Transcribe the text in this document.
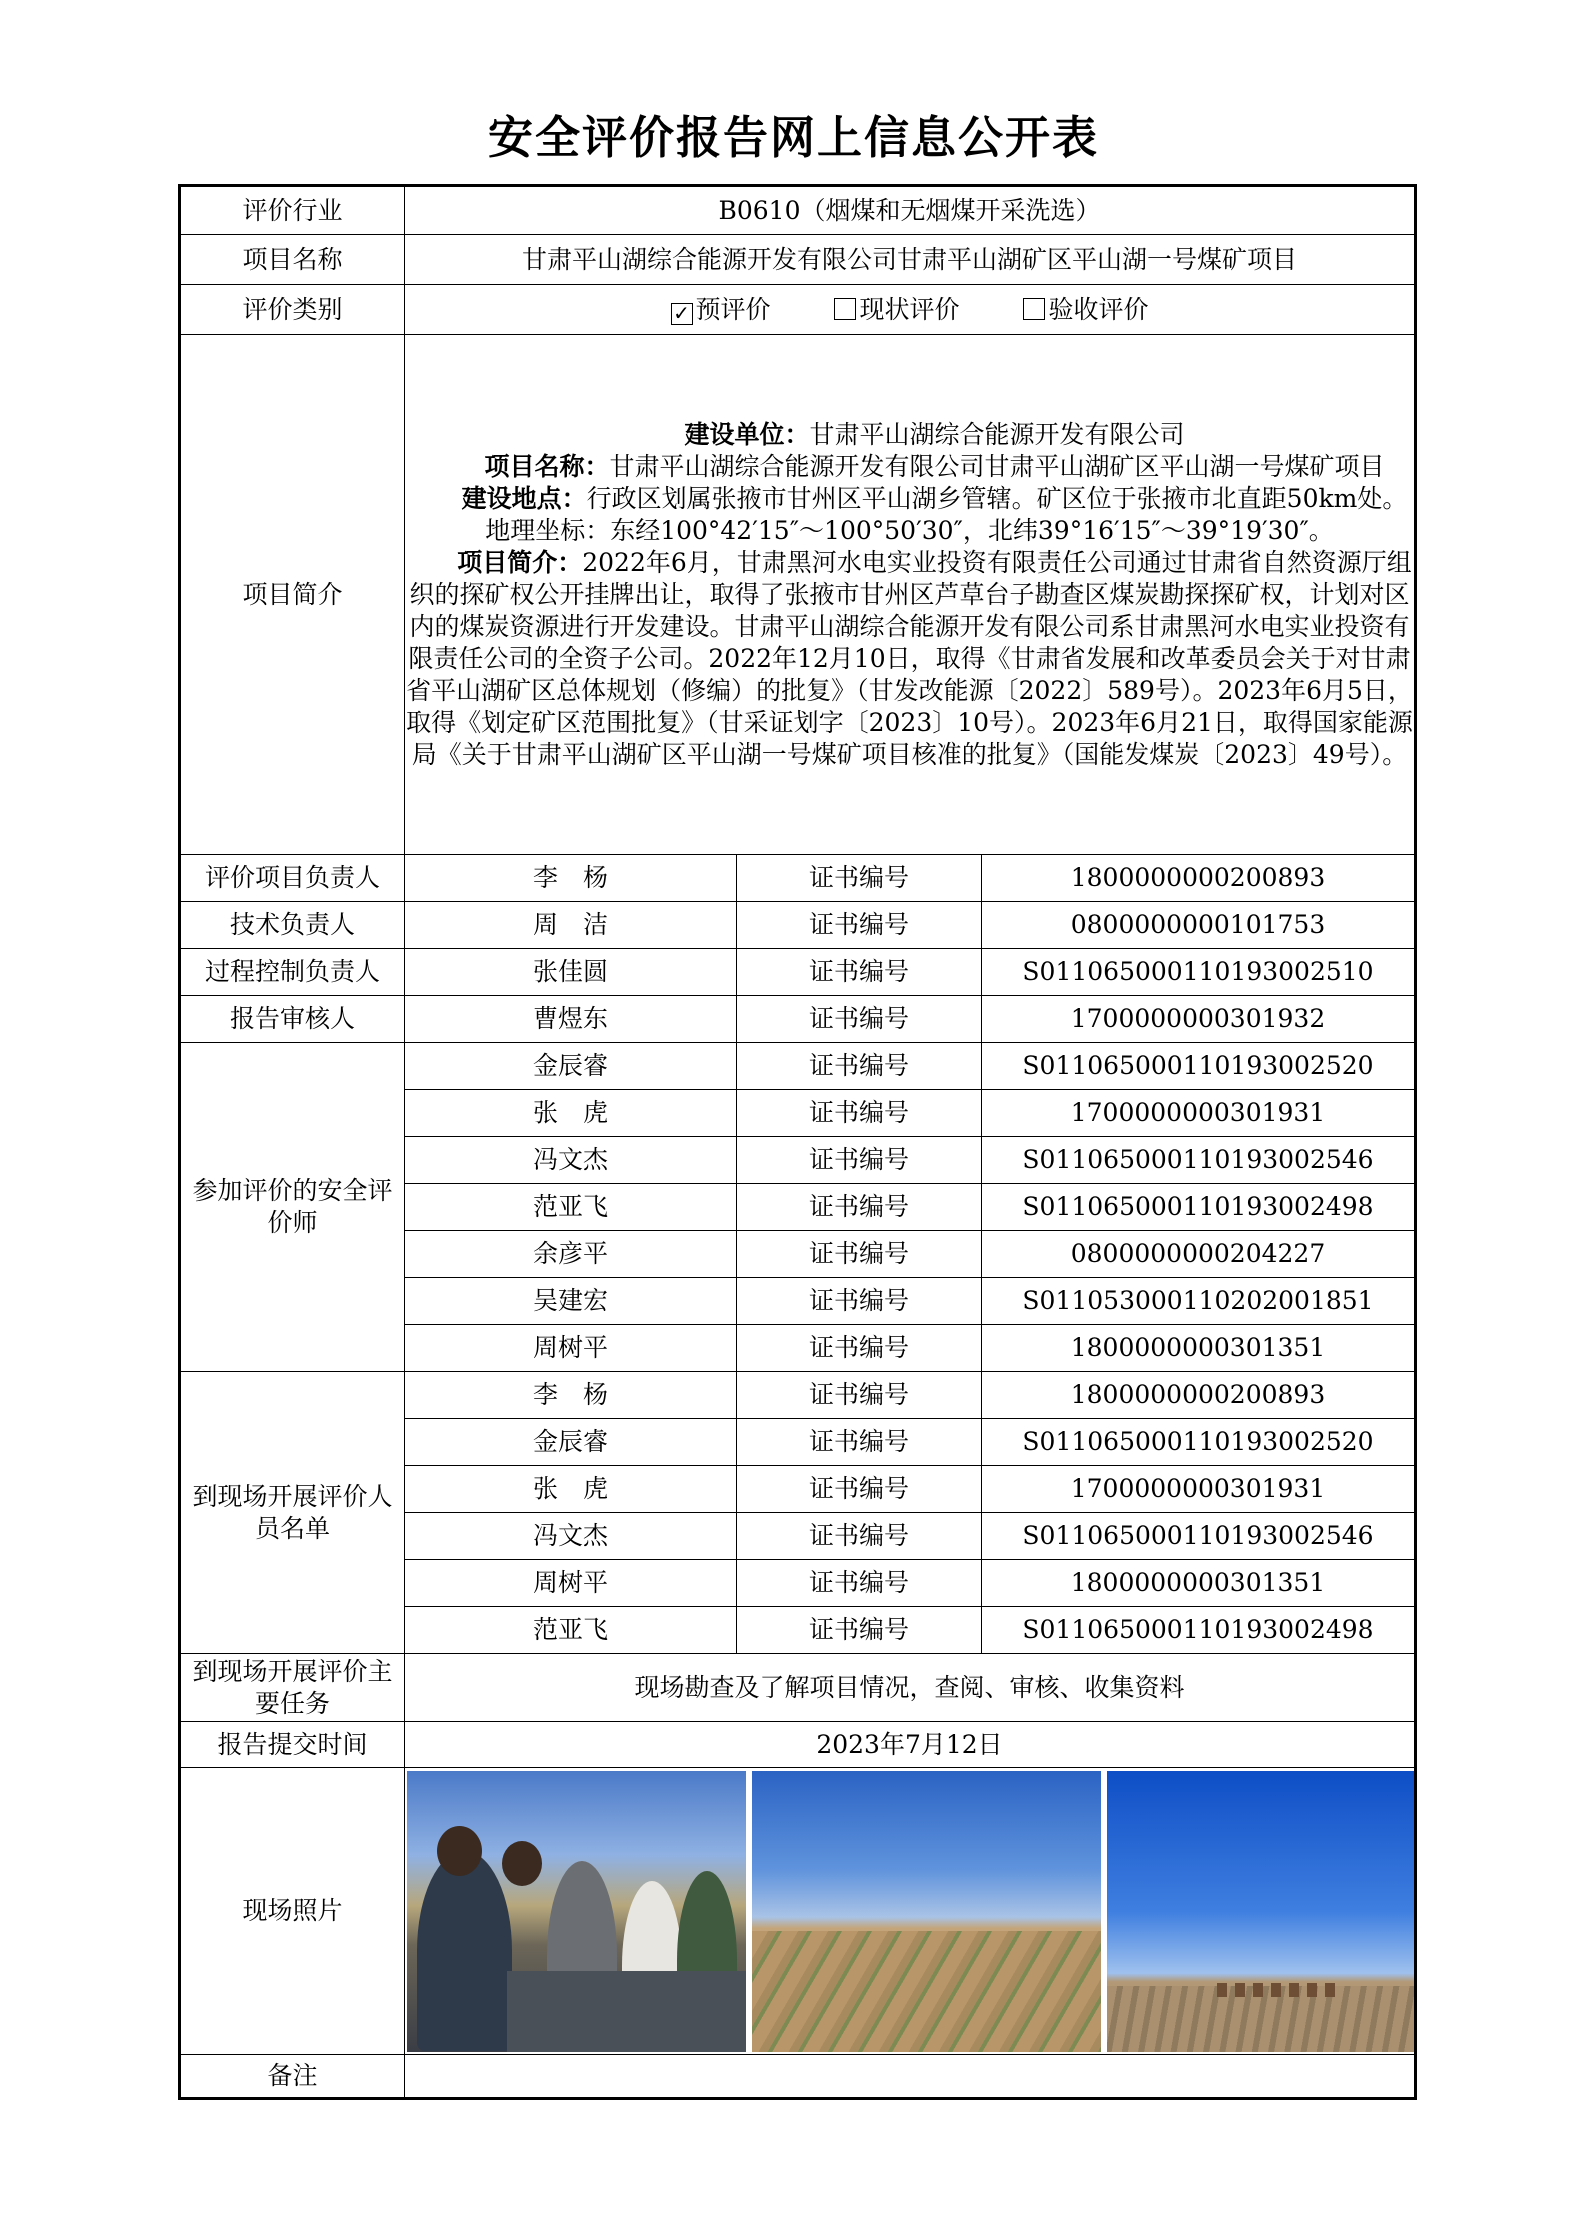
安全评价报告网上信息公开表
评价行业	B0610（烟煤和无烟煤开采洗选）		
项目名称	甘肃平山湖综合能源开发有限公司甘肃平山湖矿区平山湖一号煤矿项目		
评价类别	✓ 预评价 现状评价 验收评价		
项目简介	建设单位：甘肃平山湖综合能源开发有限公司

项目名称：甘肃平山湖综合能源开发有限公司甘肃平山湖矿区平山湖一号煤矿项目

建设地点：行政区划属张掖市甘州区平山湖乡管辖。矿区位于张掖市北直距50km处。地理坐标：东经100°42′15″～100°50′30″，北纬39°16′15″～39°19′30″。

项目简介：2022年6月，甘肃黑河水电实业投资有限责任公司通过甘肃省自然资源厅组织的探矿权公开挂牌出让，取得了张掖市甘州区芦草台子勘查区煤炭勘探探矿权，计划对区内的煤炭资源进行开发建设。甘肃平山湖综合能源开发有限公司系甘肃黑河水电实业投资有限责任公司的全资子公司。2022年12月10日，取得《甘肃省发展和改革委员会关于对甘肃省平山湖矿区总体规划（修编）的批复》（甘发改能源〔2022〕589号）。2023年6月5日，取得《划定矿区范围批复》（甘采证划字〔2023〕10号）。2023年6月21日，取得国家能源局《关于甘肃平山湖矿区平山湖一号煤矿项目核准的批复》（国能发煤炭〔2023〕49号）。		

评价项目负责人	李　杨	证书编号	1800000000200893
技术负责人	周　洁	证书编号	0800000000101753
过程控制负责人	张佳圆	证书编号	S011065000110193002510
报告审核人	曹煜东	证书编号	1700000000301932
参加评价的安全评价师	金辰睿	证书编号	S011065000110193002520
	张　虎	证书编号	1700000000301931
	冯文杰	证书编号	S011065000110193002546
	范亚飞	证书编号	S011065000110193002498
	余彦平	证书编号	0800000000204227
	吴建宏	证书编号	S011053000110202001851
	周树平	证书编号	1800000000301351
到现场开展评价人员名单	李　杨	证书编号	1800000000200893
	金辰睿	证书编号	S011065000110193002520
	张　虎	证书编号	1700000000301931
	冯文杰	证书编号	S011065000110193002546
	周树平	证书编号	1800000000301351
	范亚飞	证书编号	S011065000110193002498
到现场开展评价主要任务	现场勘查及了解项目情况，查阅、审核、收集资料		
报告提交时间	2023年7月12日		
现场照片			

备注			
